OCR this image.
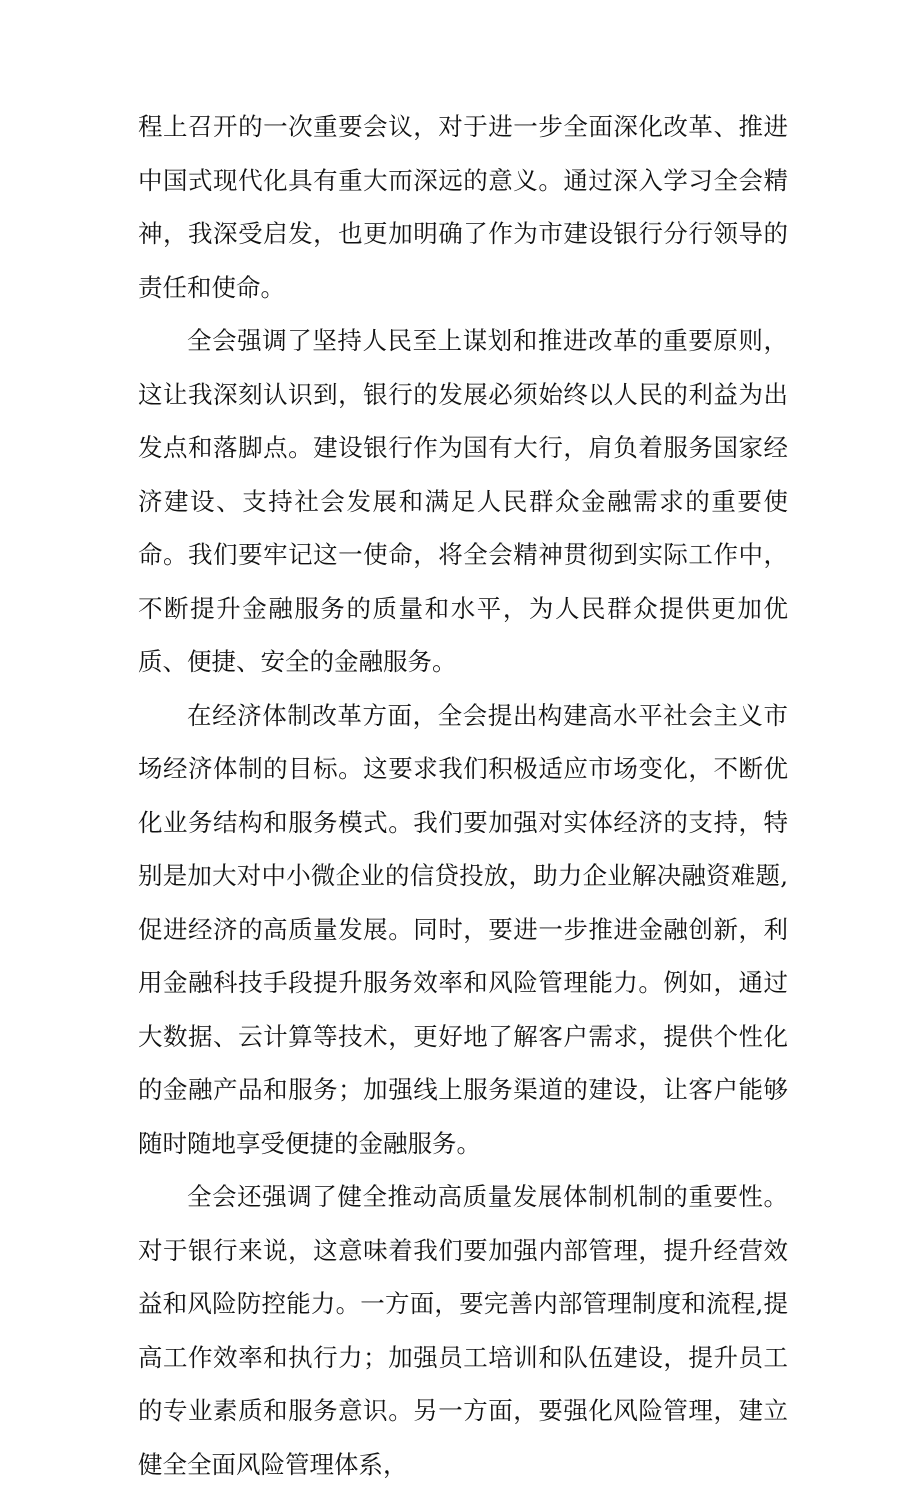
程上召开的一次重要会议，对于进一步全面深化改革、推进中国式现代化具有重大而深远的意义。通过深入学习全会精神，我深受启发，也更加明确了作为市建设银行分行领导的责任和使命。

全会强调了坚持人民至上谋划和推进改革的重要原则，这让我深刻认识到，银行的发展必须始终以人民的利益为出发点和落脚点。建设银行作为国有大行，肩负着服务国家经济建设、支持社会发展和满足人民群众金融需求的重要使命。我们要牢记这一使命，将全会精神贯彻到实际工作中，不断提升金融服务的质量和水平，为人民群众提供更加优质、便捷、安全的金融服务。

在经济体制改革方面，全会提出构建高水平社会主义市场经济体制的目标。这要求我们积极适应市场变化，不断优化业务结构和服务模式。我们要加强对实体经济的支持，特别是加大对中小微企业的信贷投放，助力企业解决融资难题,促进经济的高质量发展。同时，要进一步推进金融创新，利用金融科技手段提升服务效率和风险管理能力。例如，通过大数据、云计算等技术，更好地了解客户需求，提供个性化的金融产品和服务；加强线上服务渠道的建设，让客户能够随时随地享受便捷的金融服务。

全会还强调了健全推动高质量发展体制机制的重要性。对于银行来说，这意味着我们要加强内部管理，提升经营效益和风险防控能力。一方面，要完善内部管理制度和流程,提高工作效率和执行力；加强员工培训和队伍建设，提升员工的专业素质和服务意识。另一方面，要强化风险管理，建立健全全面风险管理体系，
